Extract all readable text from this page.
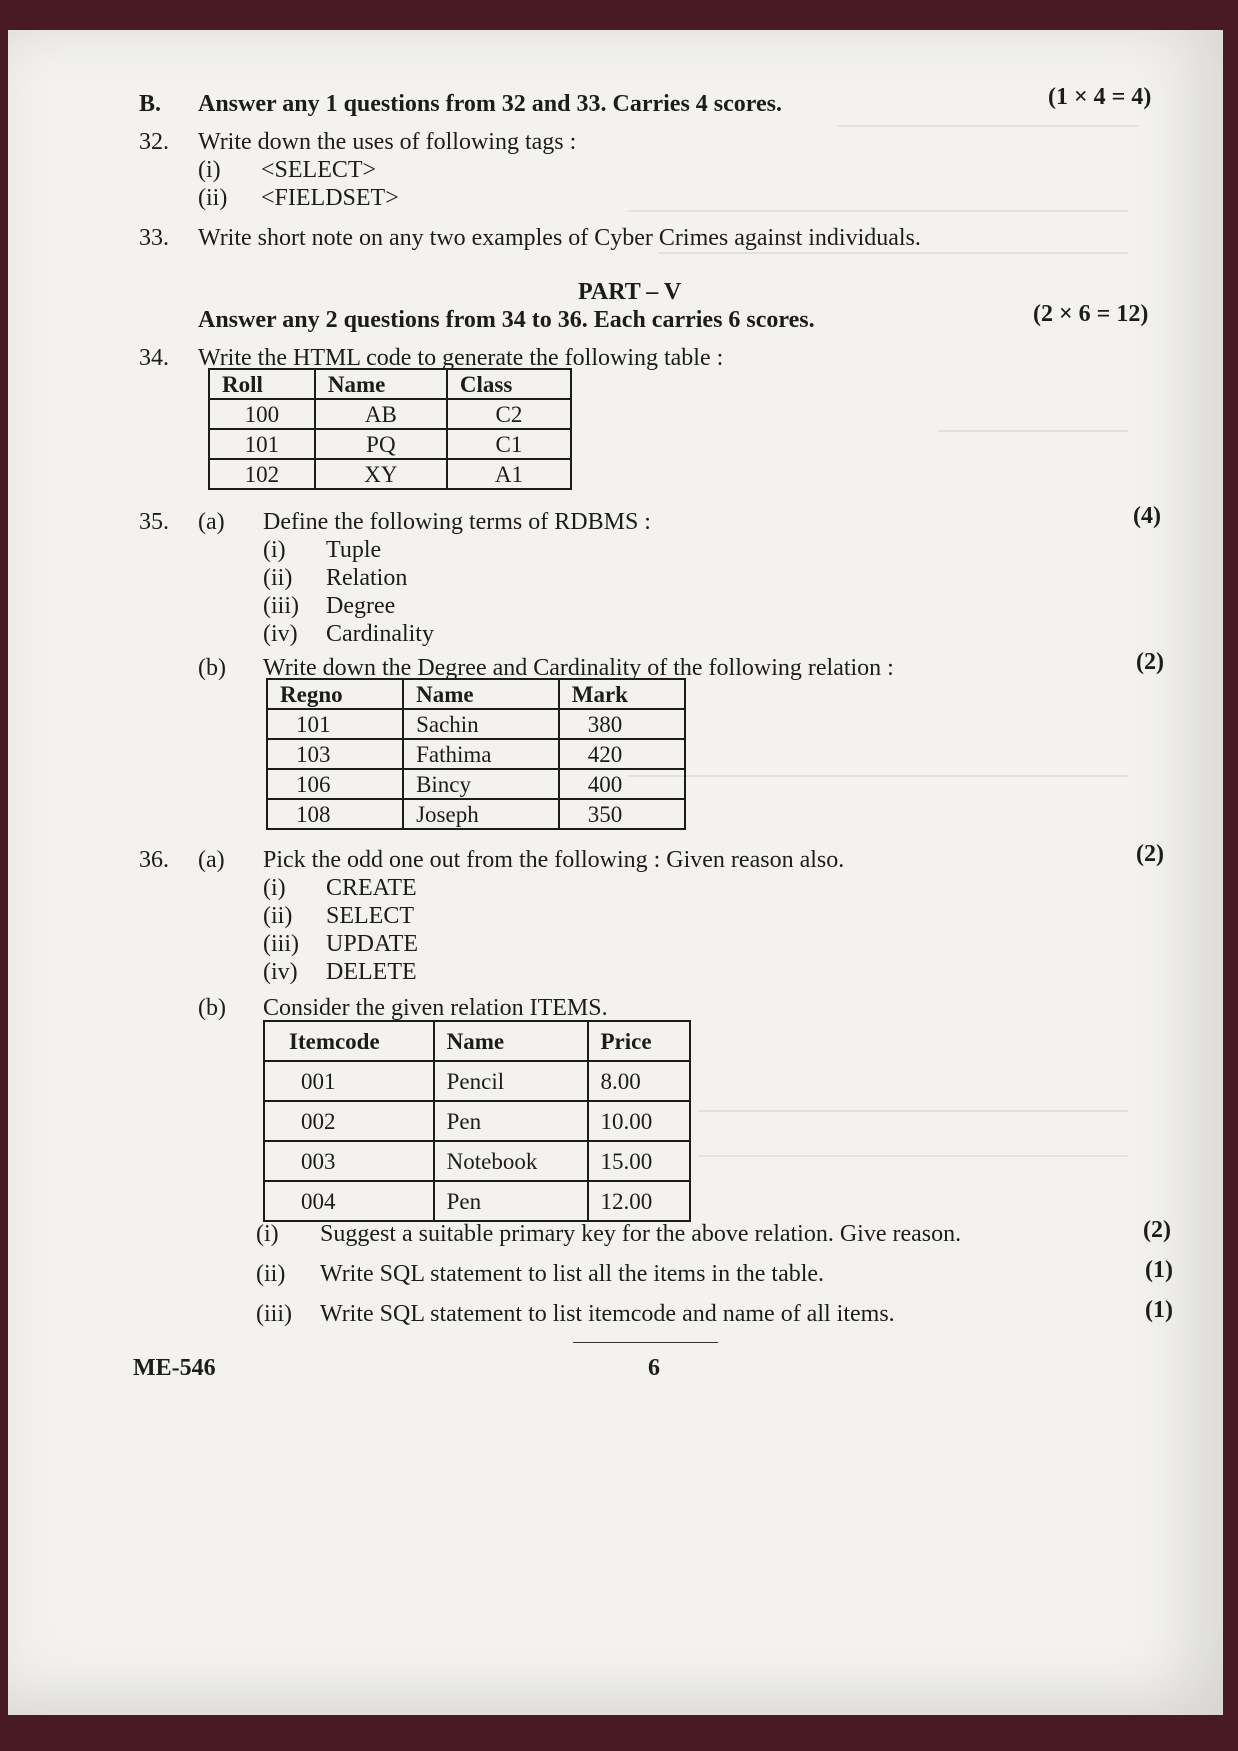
B. Answer any 1 questions from 32 and 33. Carries 4 scores.	(1 × 4 = 4)
32. Write down the uses of following tags :
(i) <SELECT>
(ii) <FIELDSET>
33. Write short note on any two examples of Cyber Crimes against individuals.
PART – V
Answer any 2 questions from 34 to 36. Each carries 6 scores.	(2 × 6 = 12)
34. Write the HTML code to generate the following table :
Roll	Name	Class
100	AB	C2
101	PQ	C1
102	XY	A1
35. (a) Define the following terms of RDBMS :	(4)
(i) Tuple
(ii) Relation
(iii) Degree
(iv) Cardinality
(b) Write down the Degree and Cardinality of the following relation :	(2)
Regno	Name	Mark
101	Sachin	380
103	Fathima	420
106	Bincy	400
108	Joseph	350
36. (a) Pick the odd one out from the following : Given reason also.	(2)
(i) CREATE
(ii) SELECT
(iii) UPDATE
(iv) DELETE
(b) Consider the given relation ITEMS.
Itemcode	Name	Price
001	Pencil	8.00
002	Pen	10.00
003	Notebook	15.00
004	Pen	12.00
(i) Suggest a suitable primary key for the above relation. Give reason.	(2)
(ii) Write SQL statement to list all the items in the table.	(1)
(iii) Write SQL statement to list itemcode and name of all items.	(1)
ME-546	6
